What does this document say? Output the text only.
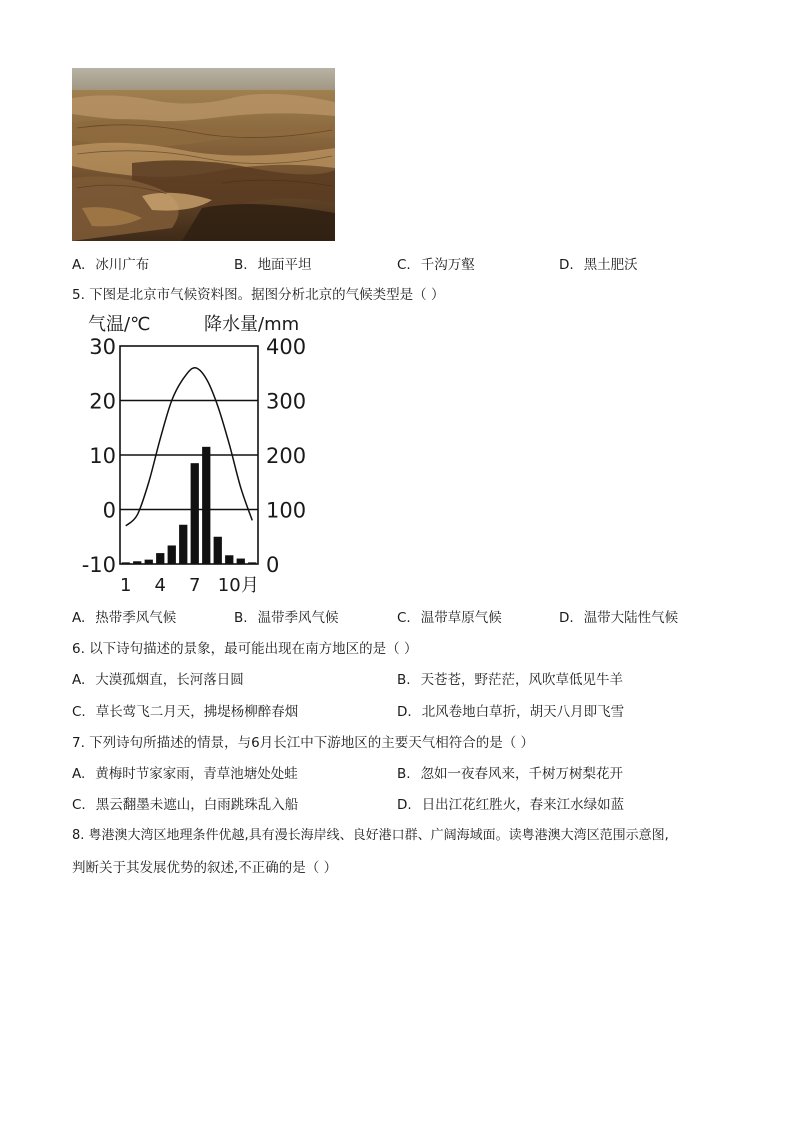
A. 冰川广布	B. 地面平坦	C. 千沟万壑	D. 黑土肥沃
5. 下图是北京市气候资料图。据图分析北京的气候类型是（ ）
气温/℃	降水量/mm
30
20
10
0
-10
400
300
200
100
0
1 4 7 10 月
A. 热带季风气候	B. 温带季风气候	C. 温带草原气候	D. 温带大陆性气候
6. 以下诗句描述的景象，最可能出现在南方地区的是（ ）
A. 大漠孤烟直，长河落日圆	B. 天苍苍，野茫茫，风吹草低见牛羊
C. 草长莺飞二月天，拂堤杨柳醉春烟	D. 北风卷地白草折，胡天八月即飞雪
7. 下列诗句所描述的情景，与6月长江中下游地区的主要天气相符合的是（ ）
A. 黄梅时节家家雨，青草池塘处处蛙	B. 忽如一夜春风来，千树万树梨花开
C. 黑云翻墨未遮山，白雨跳珠乱入船	D. 日出江花红胜火，春来江水绿如蓝
8. 粤港澳大湾区地理条件优越,具有漫长海岸线、良好港口群、广阔海域面。读粤港澳大湾区范围示意图,
判断关于其发展优势的叙述,不正确的是（ ）
